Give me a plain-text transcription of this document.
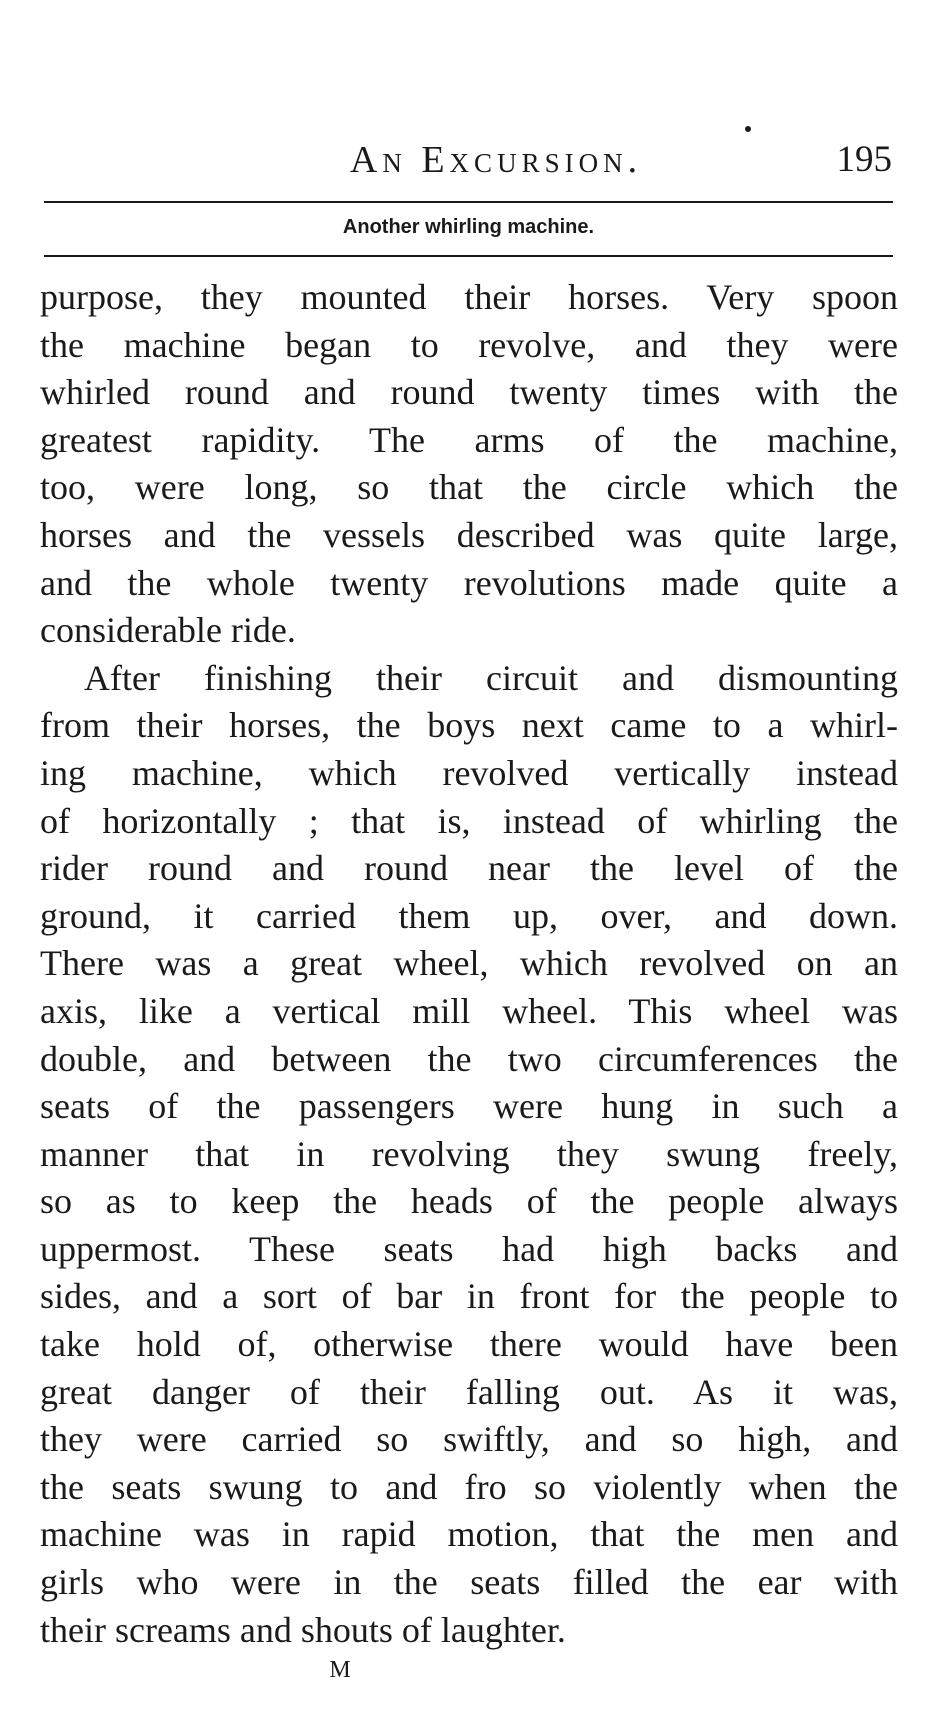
An Excursion.	195
Another whirling machine.
purpose, they mounted their horses. Very spoon
the machine began to revolve, and they were
whirled round and round twenty times with the
greatest rapidity. The arms of the machine,
too, were long, so that the circle which the
horses and the vessels described was quite large,
and the whole twenty revolutions made quite a
considerable ride.
After finishing their circuit and dismounting
from their horses, the boys next came to a whirl-
ing machine, which revolved vertically instead
of horizontally ; that is, instead of whirling the
rider round and round near the level of the
ground, it carried them up, over, and down.
There was a great wheel, which revolved on an
axis, like a vertical mill wheel. This wheel was
double, and between the two circumferences the
seats of the passengers were hung in such a
manner that in revolving they swung freely,
so as to keep the heads of the people always
uppermost. These seats had high backs and
sides, and a sort of bar in front for the people to
take hold of, otherwise there would have been
great danger of their falling out. As it was,
they were carried so swiftly, and so high, and
the seats swung to and fro so violently when the
machine was in rapid motion, that the men and
girls who were in the seats filled the ear with
their screams and shouts of laughter.
M
